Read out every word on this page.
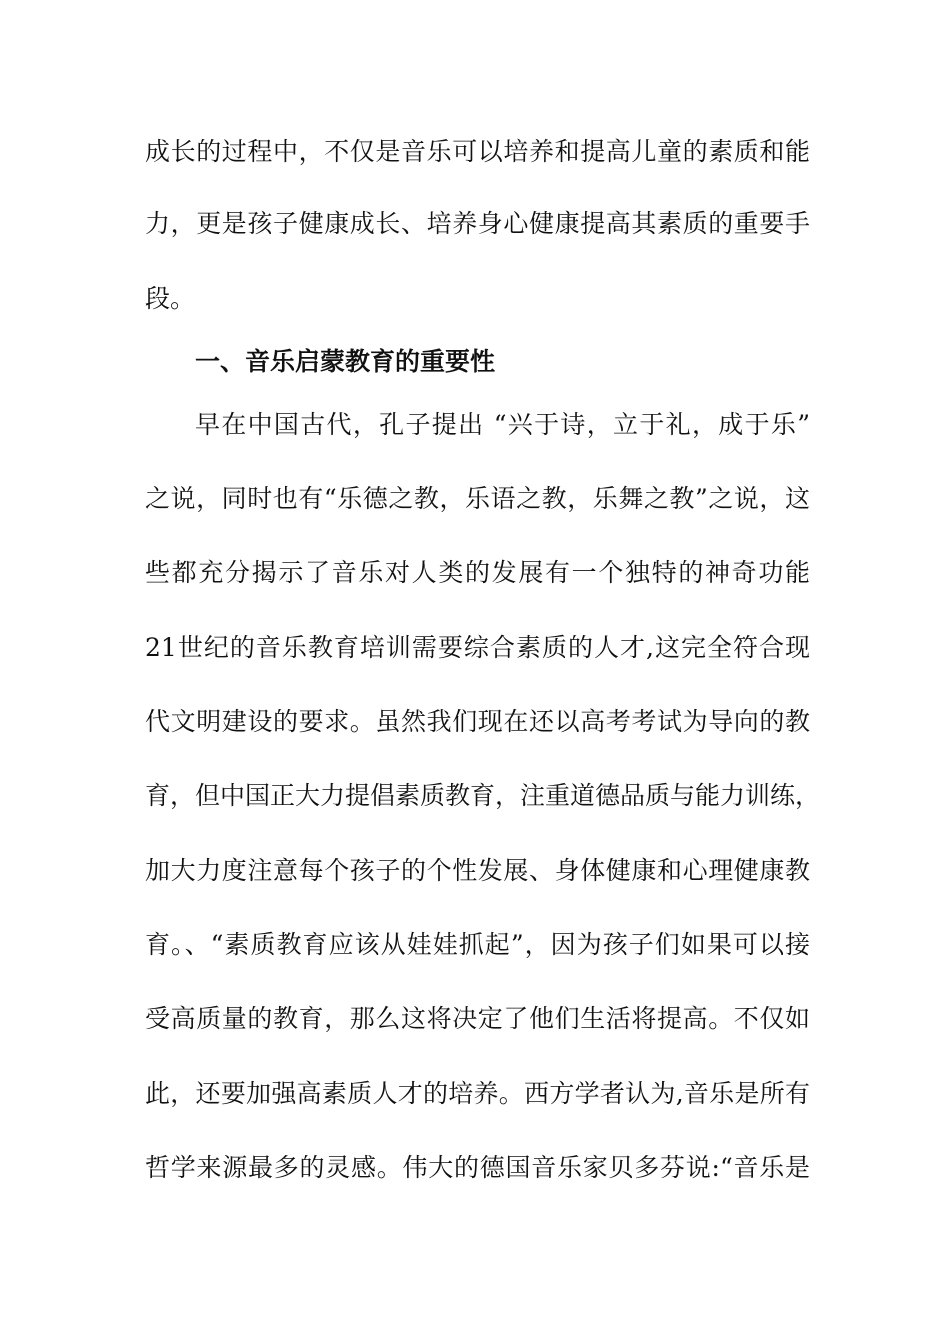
成长的过程中，不仅是音乐可以培养和提高儿童的素质和能
力，更是孩子健康成长、培养身心健康提高其素质的重要手
段。
一、音乐启蒙教育的重要性
早在中国古代，孔子提出 “兴于诗，立于礼，成于乐”
之说，同时也有“乐德之教，乐语之教，乐舞之教”之说，这
些都充分揭示了音乐对人类的发展有一个独特的神奇功能
21世纪的音乐教育培训需要综合素质的人才,这完全符合现
代文明建设的要求。虽然我们现在还以高考考试为导向的教
育，但中国正大力提倡素质教育，注重道德品质与能力训练，
加大力度注意每个孩子的个性发展、身体健康和心理健康教
育。、“素质教育应该从娃娃抓起”，因为孩子们如果可以接
受高质量的教育，那么这将决定了他们生活将提高。不仅如
此，还要加强高素质人才的培养。西方学者认为,音乐是所有
哲学来源最多的灵感。伟大的德国音乐家贝多芬说:“音乐是
